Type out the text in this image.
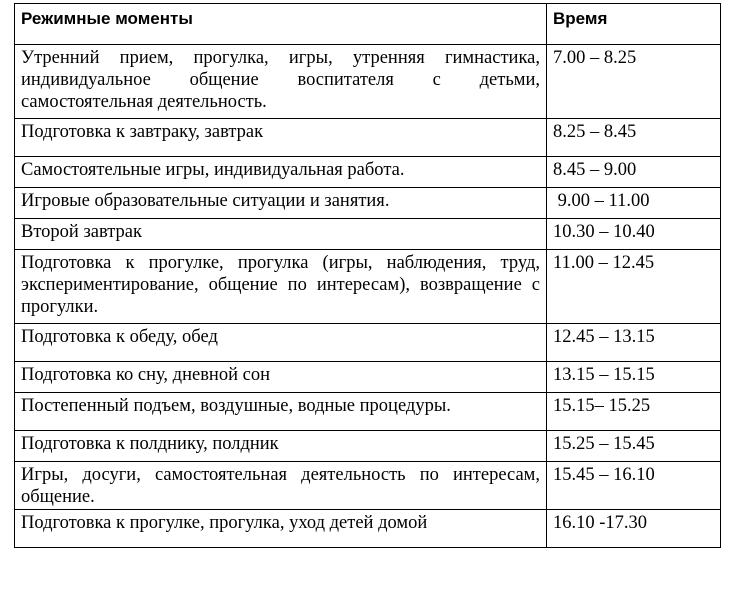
Режимные моменты	Время
Утренний прием, прогулка, игры, утренняя гимнастика, индивидуальное общение воспитателя с детьми, самостоятельная деятельность.	7.00 – 8.25
Подготовка к завтраку, завтрак	8.25 – 8.45
Самостоятельные игры, индивидуальная работа.	8.45 – 9.00
Игровые образовательные ситуации и занятия.	9.00 – 11.00
Второй завтрак	10.30 – 10.40
Подготовка к прогулке, прогулка (игры, наблюдения, труд, экспериментирование, общение по интересам), возвращение с прогулки.	11.00 – 12.45
Подготовка к обеду, обед	12.45 – 13.15
Подготовка ко сну, дневной сон	13.15 – 15.15
Постепенный подъем, воздушные, водные процедуры.	15.15– 15.25
Подготовка к полднику, полдник	15.25 – 15.45
Игры, досуги, самостоятельная деятельность по интересам, общение.	15.45 – 16.10
Подготовка к прогулке, прогулка, уход детей домой	16.10 -17.30
